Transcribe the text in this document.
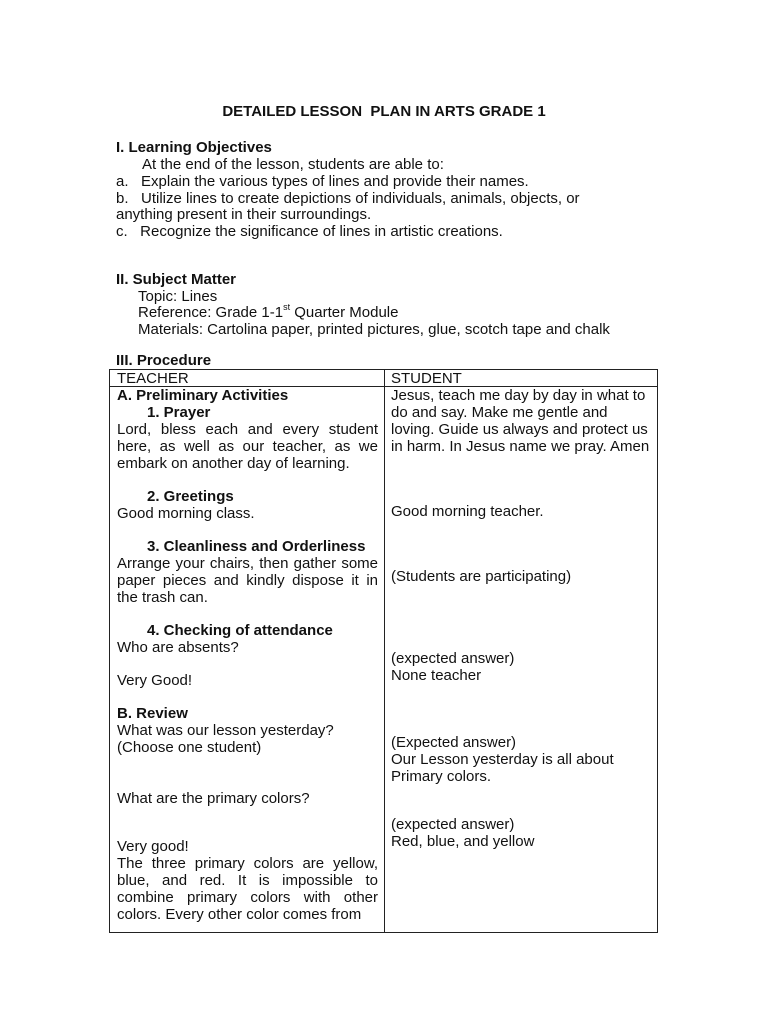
DETAILED LESSON  PLAN IN ARTS GRADE 1
I. Learning Objectives
At the end of the lesson, students are able to:
a.   Explain the various types of lines and provide their names.
b.   Utilize lines to create depictions of individuals, animals, objects, or
anything present in their surroundings.
c.   Recognize the significance of lines in artistic creations.
II. Subject Matter
Topic: Lines
Reference: Grade 1-1st Quarter Module
Materials: Cartolina paper, printed pictures, glue, scotch tape and chalk
III. Procedure
TEACHER	STUDENT
A. Preliminary Activities
1. Prayer
Lord, bless each and every student here, as well as our teacher, as we embark on another day of learning.
2. Greetings
Good morning class.
3. Cleanliness and Orderliness
Arrange your chairs, then gather some paper pieces and kindly dispose it in the trash can.
4. Checking of attendance
Who are absents?
Very Good!
B. Review
What was our lesson yesterday?
(Choose one student)
What are the primary colors?
Very good!
The three primary colors are yellow, blue, and red. It is impossible to combine primary colors with other colors. Every other color comes from
Jesus, teach me day by day in what to do and say. Make me gentle and loving. Guide us always and protect us in harm. In Jesus name we pray. Amen
Good morning teacher.
(Students are participating)
(expected answer)
None teacher
(Expected answer)
Our Lesson yesterday is all about Primary colors.
(expected answer)
Red, blue, and yellow
